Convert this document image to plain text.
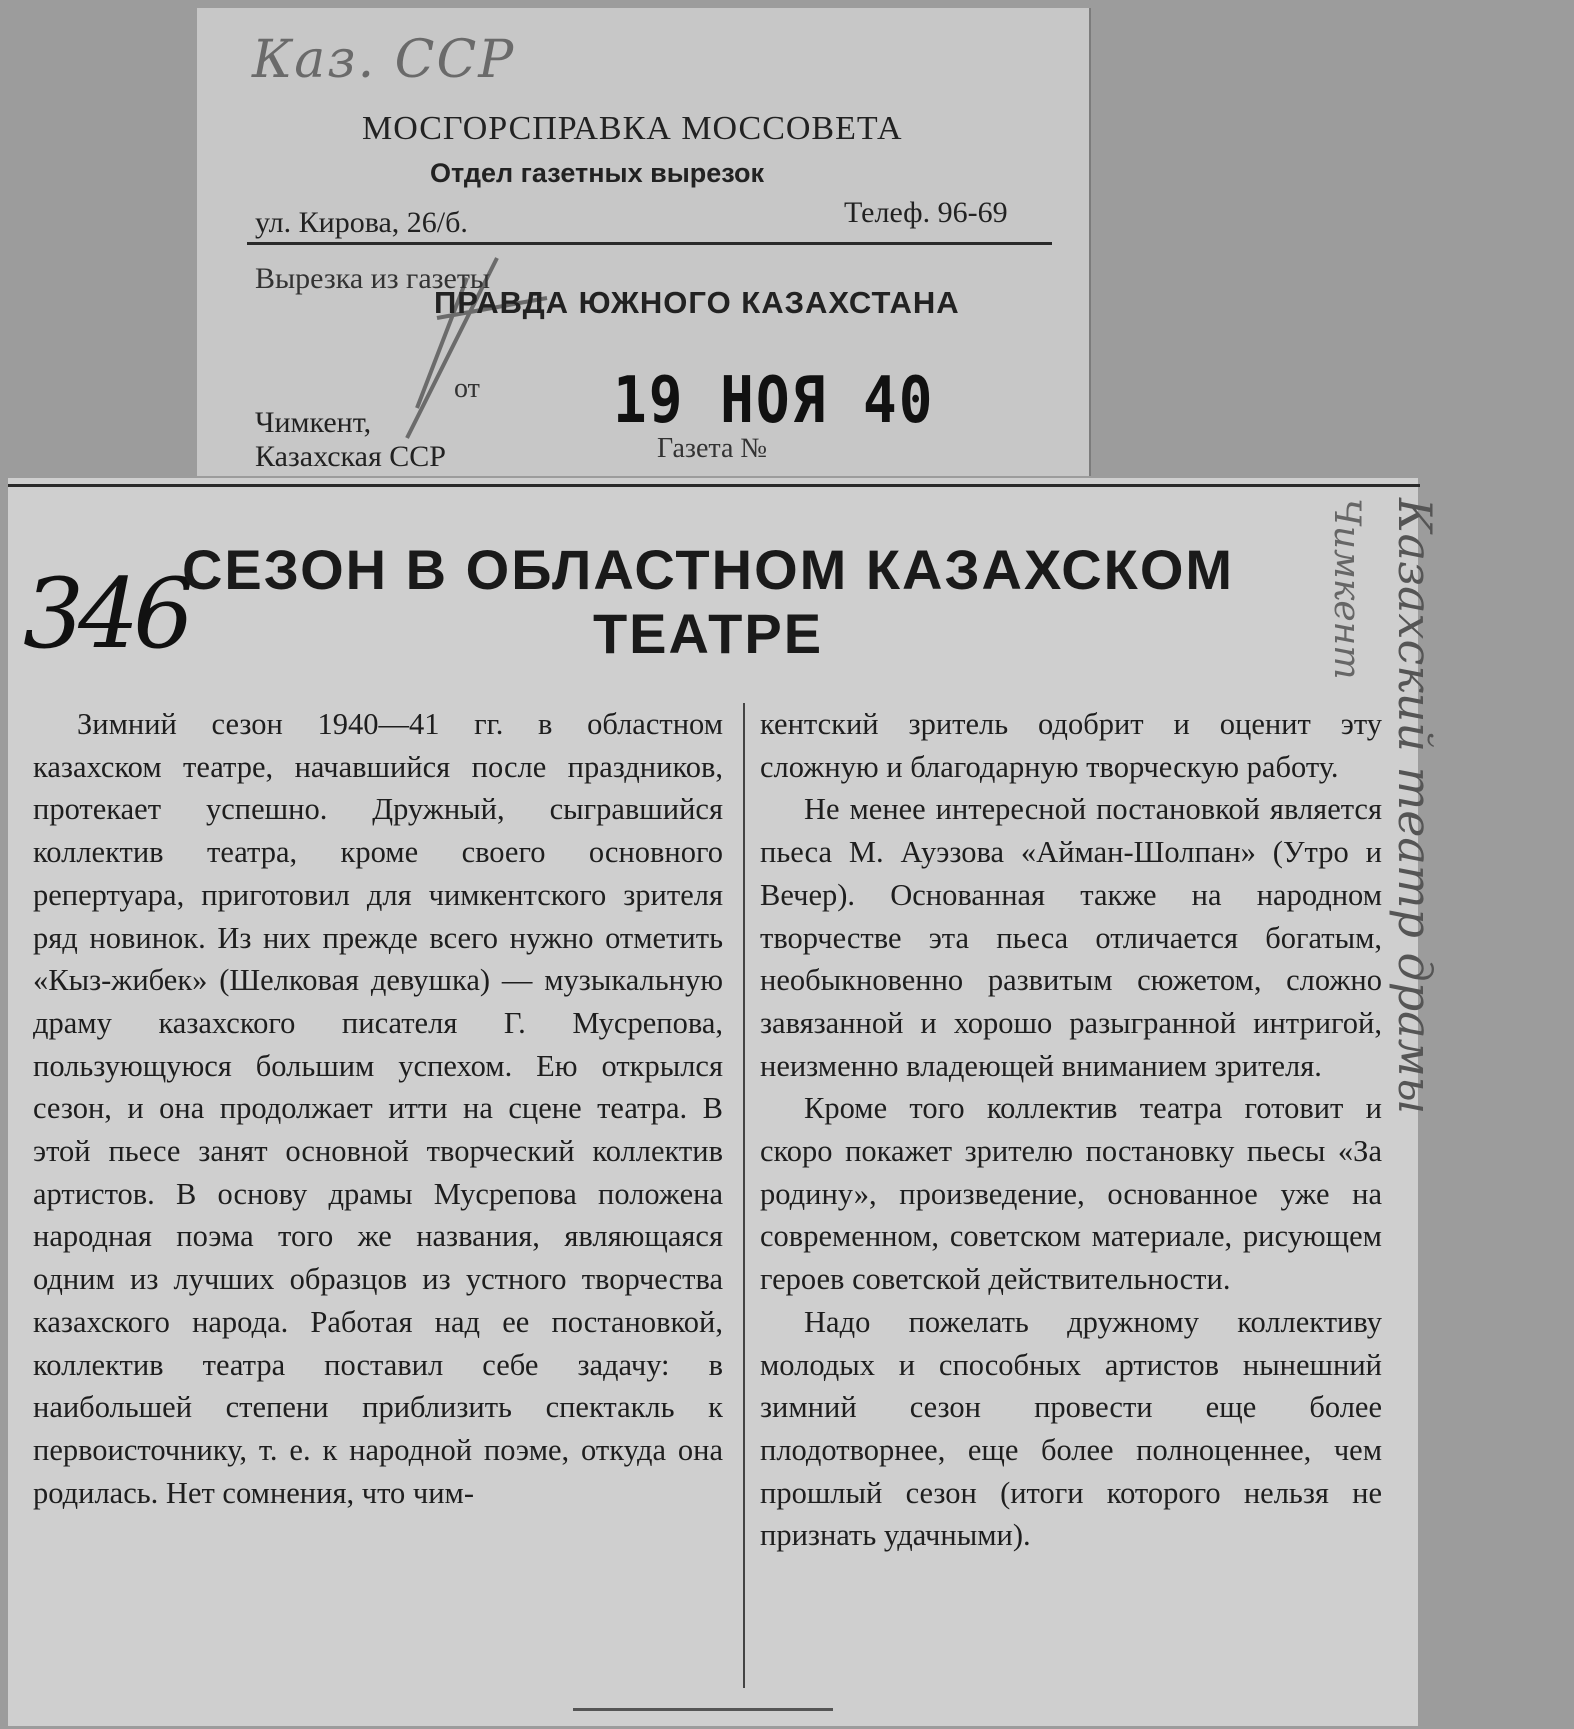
Каз. ССР
МОСГОРСПРАВКА МОССОВЕТА
Отдел газетных вырезок
ул. Кирова, 26/б.	Телеф. 96-69
Вырезка из газеты
ПРАВДА ЮЖНОГО КАЗАХСТАНА
от 19 НОЯ 40
Чимкент,
Казахская ССР	Газета №
346
СЕЗОН В ОБЛАСТНОМ КАЗАХСКОМ ТЕАТРЕ

Зимний сезон 1940—41 гг. в областном казахском театре, начавшийся после праздников, протекает успешно. Дружный, сыгравшийся коллектив театра, кроме своего основного репертуара, приготовил для чимкентского зрителя ряд новинок. Из них прежде всего нужно отметить «Кыз-жибек» (Шелковая девушка) — музыкальную драму казахского писателя Г. Мусрепова, пользующуюся большим успехом. Ею открылся сезон, и она продолжает итти на сцене театра. В этой пьесе занят основной творческий коллектив артистов. В основу драмы Мусрепова положена народная поэма того же названия, являющаяся одним из лучших образцов из устного творчества казахского народа. Работая над ее постановкой, коллектив театра поставил себе задачу: в наибольшей степени приблизить спектакль к первоисточнику, т. е. к народной поэме, откуда она родилась. Нет сомнения, что чим-

кентский зритель одобрит и оценит эту сложную и благодарную творческую работу.

Не менее интересной постановкой является пьеса М. Ауэзова «Айман-Шолпан» (Утро и Вечер). Основанная также на народном творчестве эта пьеса отличается богатым, необыкновенно развитым сюжетом, сложно завязанной и хорошо разыгранной интригой, неизменно владеющей вниманием зрителя.

Кроме того коллектив театра готовит и скоро покажет зрителю постановку пьесы «За родину», произведение, основанное уже на современном, советском материале, рисующем героев советской действительности.

Надо пожелать дружному коллективу молодых и способных артистов нынешний зимний сезон провести еще более плодотворнее, еще более полноценнее, чем прошлый сезон (итоги которого нельзя не признать удачными).

Чимкент Казахский театр драмы
